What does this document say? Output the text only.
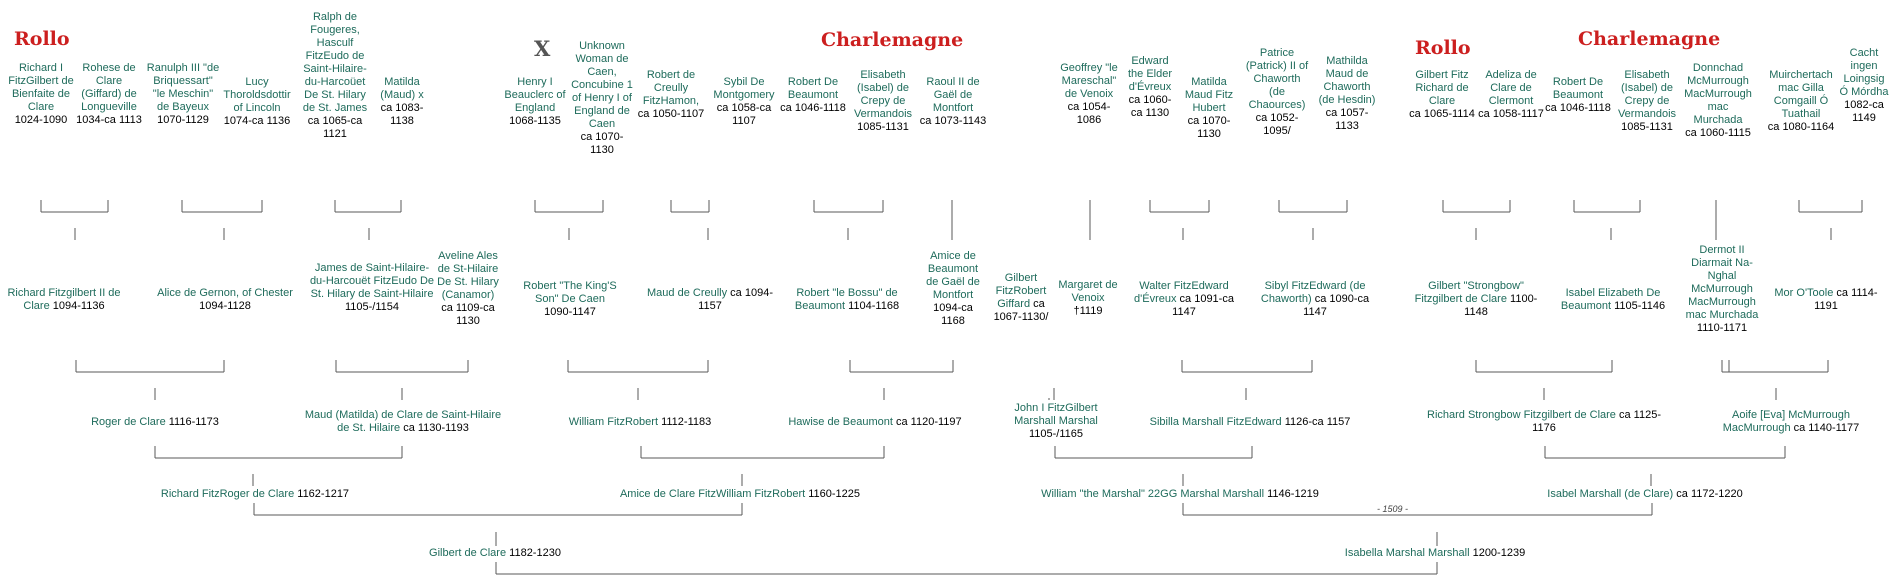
Rollo	Charlemagne	Rollo	Charlemagne
X
- 1509 -
Richard I FitzGilbert de Bienfaite de Clare
1024-1090
Rohese de Clare (Giffard) de Longueville
1034-ca 1113
Ranulph III "de Briquessart" "le Meschin" de Bayeux
1070-1129
Lucy Thoroldsdottir of Lincoln
1074-ca 1136
Ralph de Fougeres, Hasculf FitzEudo de Saint-Hilaire-du-Harcoüet De St. Hilary de St. James
ca 1065-ca 1121
Matilda (Maud) x
ca 1083-1138
Henry I Beauclerc of England
1068-1135
Unknown Woman de Caen, Concubine 1 of Henry I of England de Caen
ca 1070-1130
Robert de Creully FitzHamon,
ca 1050-1107
Sybil De Montgomery
ca 1058-ca 1107
Robert De Beaumont
ca 1046-1118
Elisabeth (Isabel) de Crepy de Vermandois
1085-1131
Raoul II de Gaël de Montfort
ca 1073-1143
Geoffrey "le Mareschal" de Venoix
ca 1054-1086
Edward the Elder d'Évreux
ca 1060-ca 1130
Matilda Maud Fitz Hubert
ca 1070-1130
Patrice (Patrick) II of Chaworth (de Chaources)
ca 1052-1095/
Mathilda Maud de Chaworth (de Hesdin)
ca 1057-1133
Gilbert Fitz Richard de Clare
ca 1065-1114
Adeliza de Clare de Clermont
ca 1058-1117
Robert De Beaumont
ca 1046-1118
Elisabeth (Isabel) de Crepy de Vermandois
1085-1131
Donnchad McMurrough MacMurrough mac Murchada
ca 1060-1115
Muirchertach mac Gilla Comgaill Ó Tuathail
ca 1080-1164
Cacht ingen Loingsig Ó Mórdha
1082-ca 1149
Richard Fitzgilbert II de Clare 1094-1136
Alice de Gernon, of Chester
1094-1128
James de Saint-Hilaire-du-Harcouët FitzEudo De St. Hilary de Saint-Hilaire
1105-/1154
Aveline Ales de St-Hilaire De St. Hilary (Canamor)
ca 1109-ca 1130
Robert "The King'S Son" De Caen
1090-1147
Maud de Creully ca 1094-1157
Robert "le Bossu" de Beaumont 1104-1168
Amice de Beaumont de Gaël de Montfort
1094-ca 1168
Gilbert FitzRobert Giffard ca 1067-1130/
Margaret de Venoix
†1119
Walter FitzEdward d'Évreux ca 1091-ca 1147
Sibyl FitzEdward (de Chaworth) ca 1090-ca 1147
Gilbert "Strongbow" Fitzgilbert de Clare 1100-1148
Isabel Elizabeth De Beaumont 1105-1146
Dermot II Diarmait Na-Nghal McMurrough MacMurrough mac Murchada
1110-1171
Mor O'Toole ca 1114-1191
Roger de Clare 1116-1173
Maud (Matilda) de Clare de Saint-Hilaire de St. Hilaire ca 1130-1193	William FitzRobert 1112-1183	Hawise de Beaumont ca 1120-1197
John I FitzGilbert Marshall Marshal
1105-/1165
Sibilla Marshall FitzEdward 1126-ca 1157
Richard Strongbow Fitzgilbert de Clare ca 1125-1176
Aoife [Eva] McMurrough MacMurrough ca 1140-1177
Richard FitzRoger de Clare 1162-1217	Amice de Clare FitzWilliam FitzRobert 1160-1225	William "the Marshal" 22GG Marshal Marshall 1146-1219	Isabel Marshall (de Clare) ca 1172-1220
Gilbert de Clare 1182-1230	Isabella Marshal Marshall 1200-1239
